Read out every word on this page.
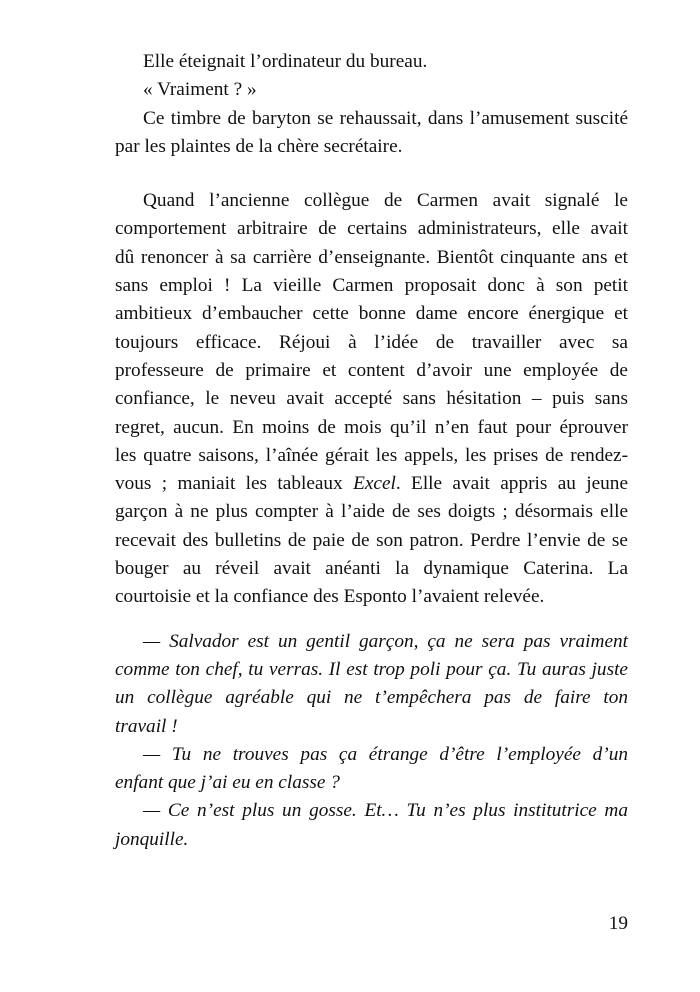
Elle éteignait l’ordinateur du bureau.
« Vraiment ? »
Ce timbre de baryton se rehaussait, dans l’amusement suscité
par les plaintes de la chère secrétaire.
Quand l’ancienne collègue de Carmen avait signalé le
comportement arbitraire de certains administrateurs, elle avait
dû renoncer à sa carrière d’enseignante. Bientôt cinquante ans et
sans emploi ! La vieille Carmen proposait donc à son petit
ambitieux d’embaucher cette bonne dame encore énergique et
toujours efficace. Réjoui à l’idée de travailler avec sa
professeure de primaire et content d’avoir une employée de
confiance, le neveu avait accepté sans hésitation – puis sans
regret, aucun. En moins de mois qu’il n’en faut pour éprouver
les quatre saisons, l’aînée gérait les appels, les prises de rendez-
vous ; maniait les tableaux Excel. Elle avait appris au jeune
garçon à ne plus compter à l’aide de ses doigts ; désormais elle
recevait des bulletins de paie de son patron. Perdre l’envie de se
bouger au réveil avait anéanti la dynamique Caterina. La
courtoisie et la confiance des Esponto l’avaient relevée.
— Salvador est un gentil garçon, ça ne sera pas vraiment
comme ton chef, tu verras. Il est trop poli pour ça. Tu auras juste
un collègue agréable qui ne t’empêchera pas de faire ton
travail !
— Tu ne trouves pas ça étrange d’être l’employée d’un
enfant que j’ai eu en classe ?
— Ce n’est plus un gosse. Et… Tu n’es plus institutrice ma
jonquille.
19
